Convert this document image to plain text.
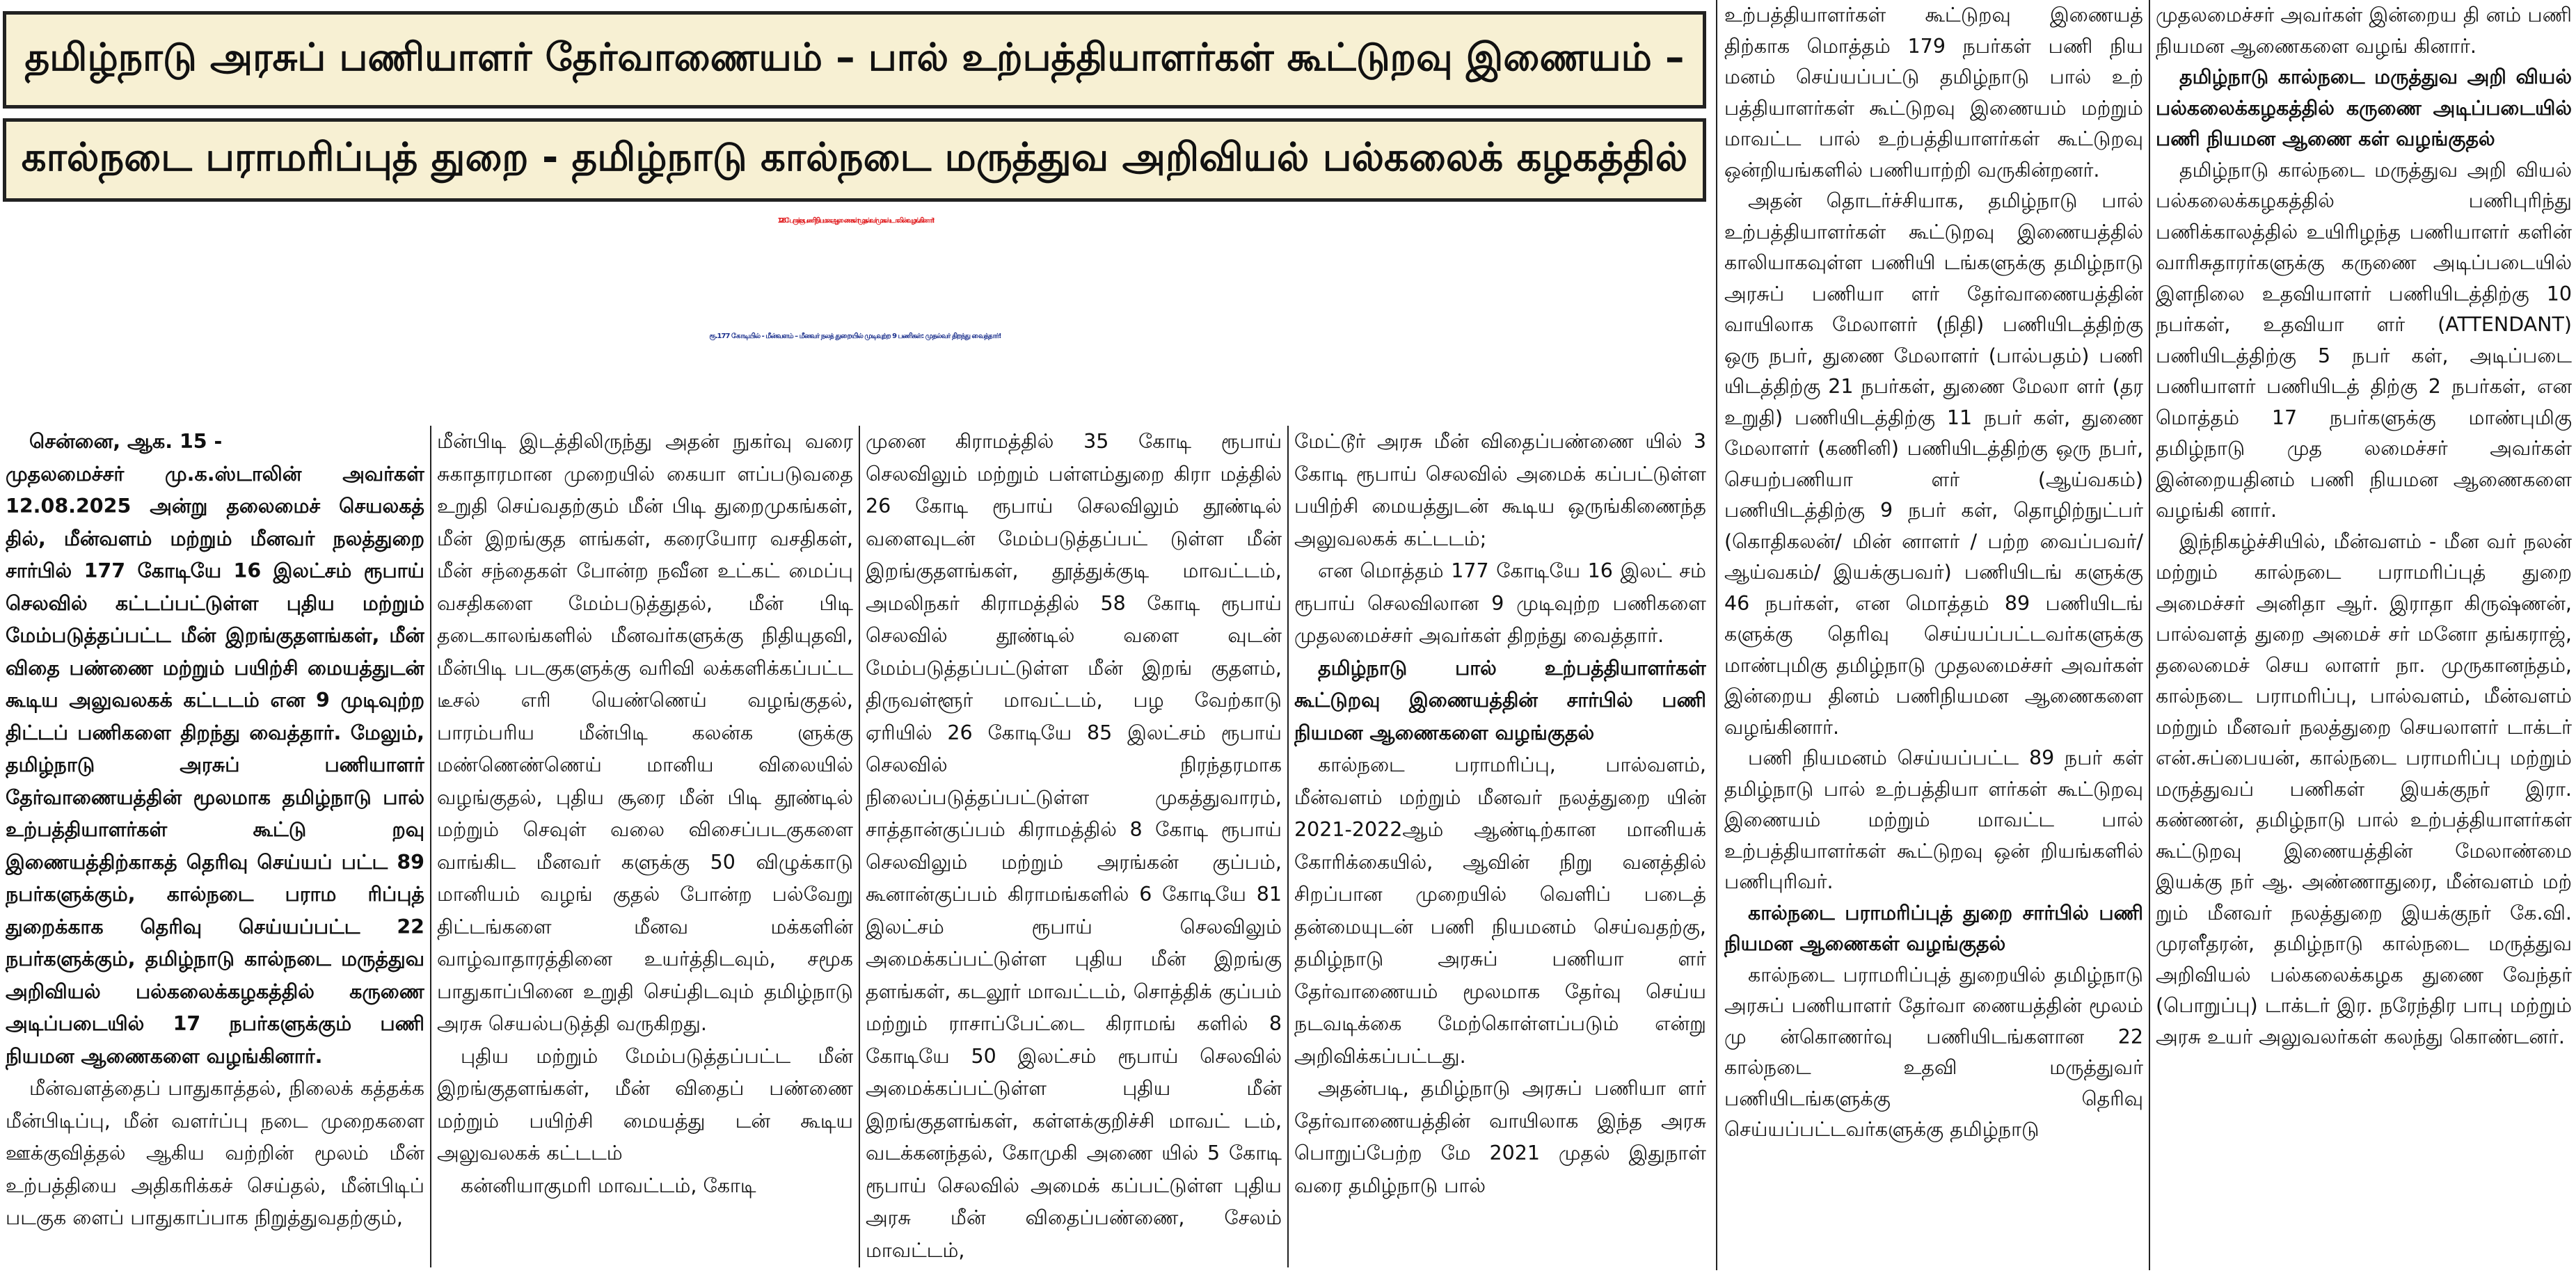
தமிழ்நாடு அரசுப் பணியாளர் தேர்வாணையம் – பால் உற்பத்தியாளர்கள் கூட்டுறவு இணையம் –
கால்நடை பராமரிப்புத் துறை - தமிழ்நாடு கால்நடை மருத்துவ அறிவியல் பல்கலைக் கழகத்தில்
128 பேருக்கு பணி நியமன ஆணைகள்: முதல்வர் மு.க.ஸ்டாலின் வழங்கினார்!
ரூ.177 கோடியில் - மீன்வளம் – மீனவர் நலத் துறையில் முடிவுற்ற 9 பணிகள்: முதல்வர் திறந்து வைத்தார்!

சென்னை, ஆக. 15 -

முதலமைச்சர் மு.க.ஸ்டாலின் அவர்கள் 12.08.2025 அன்று தலைமைச் செயலகத் தில், மீன்வளம் மற்றும் மீனவர் நலத்துறை சார்பில் 177 கோடியே 16 இலட்சம் ரூபாய் செலவில் கட்டப்பட்டுள்ள புதிய மற்றும் மேம்படுத்தப்பட்ட மீன் இறங்குதளங்கள், மீன் விதை பண்ணை மற்றும் பயிற்சி மையத்துடன் கூடிய அலுவலகக் கட்டடம் என 9 முடிவுற்ற திட்டப் பணிகளை திறந்து வைத்தார். மேலும், தமிழ்நாடு அரசுப் பணியாளர் தேர்வாணையத்தின் மூலமாக தமிழ்நாடு பால் உற்பத்தியாளர்கள் கூட்டு றவு இணையத்திற்காகத் தெரிவு செய்யப் பட்ட 89 நபர்களுக்கும், கால்நடை பராம ரிப்புத் துறைக்காக தெரிவு செய்யப்பட்ட 22 நபர்களுக்கும், தமிழ்நாடு கால்நடை மருத்துவ அறிவியல் பல்கலைக்கழகத்தில் கருணை அடிப்படையில் 17 நபர்களுக்கும் பணி நியமன ஆணைகளை வழங்கினார்.

மீன்வளத்தைப் பாதுகாத்தல், நிலைக் கத்தக்க மீன்பிடிப்பு, மீன் வளர்ப்பு நடை முறைகளை ஊக்குவித்தல் ஆகிய வற்றின் மூலம் மீன் உற்பத்தியை அதிகரிக்கச் செய்தல், மீன்பிடிப் படகுக ளைப் பாதுகாப்பாக நிறுத்துவதற்கும்,

மீன்பிடி இடத்திலிருந்து அதன் நுகர்வு வரை சுகாதாரமான முறையில் கையா ளப்படுவதை உறுதி செய்வதற்கும் மீன் பிடி துறைமுகங்கள், மீன் இறங்குத ளங்கள், கரையோர வசதிகள், மீன் சந்தைகள் போன்ற நவீன உட்கட் மைப்பு வசதிகளை மேம்படுத்துதல், மீன் பிடி தடைகாலங்களில் மீனவர்களுக்கு நிதியுதவி, மீன்பிடி படகுகளுக்கு வரிவி லக்களிக்கப்பட்ட டீசல் எரி யெண்ணெய் வழங்குதல், பாரம்பரிய மீன்பிடி கலன்க ளுக்கு மண்ணெண்ணெய் மானிய விலையில் வழங்குதல், புதிய சூரை மீன் பிடி தூண்டில் மற்றும் செவுள் வலை விசைப்படகுகளை வாங்கிட மீனவர் களுக்கு 50 விழுக்காடு மானியம் வழங் குதல் போன்ற பல்வேறு திட்டங்களை மீனவ மக்களின் வாழ்வாதாரத்தினை உயர்த்திடவும், சமூக பாதுகாப்பினை உறுதி செய்திடவும் தமிழ்நாடு அரசு செயல்படுத்தி வருகிறது.

புதிய மற்றும் மேம்படுத்தப்பட்ட மீன் இறங்குதளங்கள், மீன் விதைப் பண்ணை மற்றும் பயிற்சி மையத்து டன் கூடிய அலுவலகக் கட்டடம்

கன்னியாகுமரி மாவட்டம், கோடி

முனை கிராமத்தில் 35 கோடி ரூபாய் செலவிலும் மற்றும் பள்ளம்துறை கிரா மத்தில் 26 கோடி ரூபாய் செலவிலும் தூண்டில் வளைவுடன் மேம்படுத்தப்பட் டுள்ள மீன் இறங்குதளங்கள், தூத்துக்குடி மாவட்டம், அமலிநகர் கிராமத்தில் 58 கோடி ரூபாய் செலவில் தூண்டில் வளை வுடன் மேம்படுத்தப்பட்டுள்ள மீன் இறங் குதளம், திருவள்ளூர் மாவட்டம், பழ வேற்காடு ஏரியில் 26 கோடியே 85 இலட்சம் ரூபாய் செலவில் நிரந்தரமாக நிலைப்படுத்தப்பட்டுள்ள முகத்துவாரம், சாத்தான்குப்பம் கிராமத்தில் 8 கோடி ரூபாய் செலவிலும் மற்றும் அரங்கன் குப்பம், கூனான்குப்பம் கிராமங்களில் 6 கோடியே 81 இலட்சம் ரூபாய் செலவிலும் அமைக்கப்பட்டுள்ள புதிய மீன் இறங்கு தளங்கள், கடலூர் மாவட்டம், சொத்திக் குப்பம் மற்றும் ராசாப்பேட்டை கிராமங் களில் 8 கோடியே 50 இலட்சம் ரூபாய் செலவில் அமைக்கப்பட்டுள்ள புதிய மீன் இறங்குதளங்கள், கள்ளக்குறிச்சி மாவட் டம், வடக்கனந்தல், கோமுகி அணை யில் 5 கோடி ரூபாய் செலவில் அமைக் கப்பட்டுள்ள புதிய அரசு மீன் விதைப்பண்ணை, சேலம் மாவட்டம்,

மேட்டூர் அரசு மீன் விதைப்பண்ணை யில் 3 கோடி ரூபாய் செலவில் அமைக் கப்பட்டுள்ள பயிற்சி மையத்துடன் கூடிய ஒருங்கிணைந்த அலுவலகக் கட்டடம்;

என மொத்தம் 177 கோடியே 16 இலட் சம் ரூபாய் செலவிலான 9 முடிவுற்ற பணிகளை முதலமைச்சர் அவர்கள் திறந்து வைத்தார்.

தமிழ்நாடு பால் உற்பத்தியாளர்கள் கூட்டுறவு இணையத்தின் சார்பில் பணி நியமன ஆணைகளை வழங்குதல்

கால்நடை பராமரிப்பு, பால்வளம், மீன்வளம் மற்றும் மீனவர் நலத்துறை யின் 2021-2022ஆம் ஆண்டிற்கான மானியக் கோரிக்கையில், ஆவின் நிறு வனத்தில் சிறப்பான முறையில் வெளிப் படைத் தன்மையுடன் பணி நியமனம் செய்வதற்கு, தமிழ்நாடு அரசுப் பணியா ளர் தேர்வாணையம் மூலமாக தேர்வு செய்ய நடவடிக்கை மேற்கொள்ளப்படும் என்று அறிவிக்கப்பட்டது.

அதன்படி, தமிழ்நாடு அரசுப் பணியா ளர் தேர்வாணையத்தின் வாயிலாக இந்த அரசு பொறுப்பேற்ற மே 2021 முதல் இதுநாள் வரை தமிழ்நாடு பால்

உற்பத்தியாளர்கள் கூட்டுறவு இணையத் திற்காக மொத்தம் 179 நபர்கள் பணி நிய மனம் செய்யப்பட்டு தமிழ்நாடு பால் உற் பத்தியாளர்கள் கூட்டுறவு இணையம் மற்றும் மாவட்ட பால் உற்பத்தியாளர்கள் கூட்டுறவு ஒன்றியங்களில் பணியாற்றி வருகின்றனர்.

அதன் தொடர்ச்சியாக, தமிழ்நாடு பால் உற்பத்தியாளர்கள் கூட்டுறவு இணையத்தில் காலியாகவுள்ள பணியி டங்களுக்கு தமிழ்நாடு அரசுப் பணியா ளர் தேர்வாணையத்தின் வாயிலாக மேலாளர் (நிதி) பணியிடத்திற்கு ஒரு நபர், துணை மேலாளர் (பால்பதம்) பணி யிடத்திற்கு 21 நபர்கள், துணை மேலா ளர் (தர உறுதி) பணியிடத்திற்கு 11 நபர் கள், துணை மேலாளர் (கணினி) பணியிடத்திற்கு ஒரு நபர், செயற்பணியா ளர் (ஆய்வகம்) பணியிடத்திற்கு 9 நபர் கள், தொழிற்நுட்பர் (கொதிகலன்/ மின் னாளர் / பற்ற வைப்பவர்/ ஆய்வகம்/ இயக்குபவர்) பணியிடங் களுக்கு 46 நபர்கள், என மொத்தம் 89 பணியிடங் களுக்கு தெரிவு செய்யப்பட்டவர்களுக்கு மாண்புமிகு தமிழ்நாடு முதலமைச்சர் அவர்கள் இன்றைய தினம் பணிநியமன ஆணைகளை வழங்கினார்.

பணி நியமனம் செய்யப்பட்ட 89 நபர் கள் தமிழ்நாடு பால் உற்பத்தியா ளர்கள் கூட்டுறவு இணையம் மற்றும் மாவட்ட பால் உற்பத்தியாளர்கள் கூட்டுறவு ஒன் றியங்களில் பணிபுரிவர்.

கால்நடை பராமரிப்புத் துறை சார்பில் பணி நியமன ஆணைகள் வழங்குதல்

கால்நடை பராமரிப்புத் துறையில் தமிழ்நாடு அரசுப் பணியாளர் தேர்வா ணையத்தின் மூலம் மு ன்கொணர்வு பணியிடங்களான 22 கால்நடை உதவி மருத்துவர் பணியிடங்களுக்கு தெரிவு செய்யப்பட்டவர்களுக்கு தமிழ்நாடு

முதலமைச்சர் அவர்கள் இன்றைய தி னம் பணி நியமன ஆணைகளை வழங் கினார்.

தமிழ்நாடு கால்நடை மருத்துவ அறி வியல் பல்கலைக்கழகத்தில் கருணை அடிப்படையில் பணி நியமன ஆணை கள் வழங்குதல்

தமிழ்நாடு கால்நடை மருத்துவ அறி வியல் பல்கலைக்கழகத்தில் பணிபுரிந்து பணிக்காலத்தில் உயிரிழந்த பணியாளர் களின் வாரிசுதாரர்களுக்கு கருணை அடிப்படையில் இளநிலை உதவியாளர் பணியிடத்திற்கு 10 நபர்கள், உதவியா ளர் (ATTENDANT) பணியிடத்திற்கு 5 நபர் கள், அடிப்படை பணியாளர் பணியிடத் திற்கு 2 நபர்கள், என மொத்தம் 17 நபர்களுக்கு மாண்புமிகு தமிழ்நாடு முத லமைச்சர் அவர்கள் இன்றையதினம் பணி நியமன ஆணைகளை வழங்கி னார்.

இந்நிகழ்ச்சியில், மீன்வளம் - மீன வர் நலன் மற்றும் கால்நடை பராமரிப்புத் துறை அமைச்சர் அனிதா ஆர். இராதா கிருஷ்ணன், பால்வளத் துறை அமைச் சர் மனோ தங்கராஜ், தலைமைச் செய லாளர் நா. முருகானந்தம், கால்நடை பராமரிப்பு, பால்வளம், மீன்வளம் மற்றும் மீனவர் நலத்துறை செயலாளர் டாக்டர் என்.சுப்பையன், கால்நடை பராமரிப்பு மற்றும் மருத்துவப் பணிகள் இயக்குநர் இரா. கண்ணன், தமிழ்நாடு பால் உற்பத்தியாளர்கள் கூட்டுறவு இணையத்தின் மேலாண்மை இயக்கு நர் ஆ. அண்ணாதுரை, மீன்வளம் மற் றும் மீனவர் நலத்துறை இயக்குநர் கே.வி. முரளீதரன், தமிழ்நாடு கால்நடை மருத்துவ அறிவியல் பல்கலைக்கழக துணை வேந்தர் (பொறுப்பு) டாக்டர் இர. நரேந்திர பாபு மற்றும் அரசு உயர் அலுவலர்கள் கலந்து கொண்டனர்.
